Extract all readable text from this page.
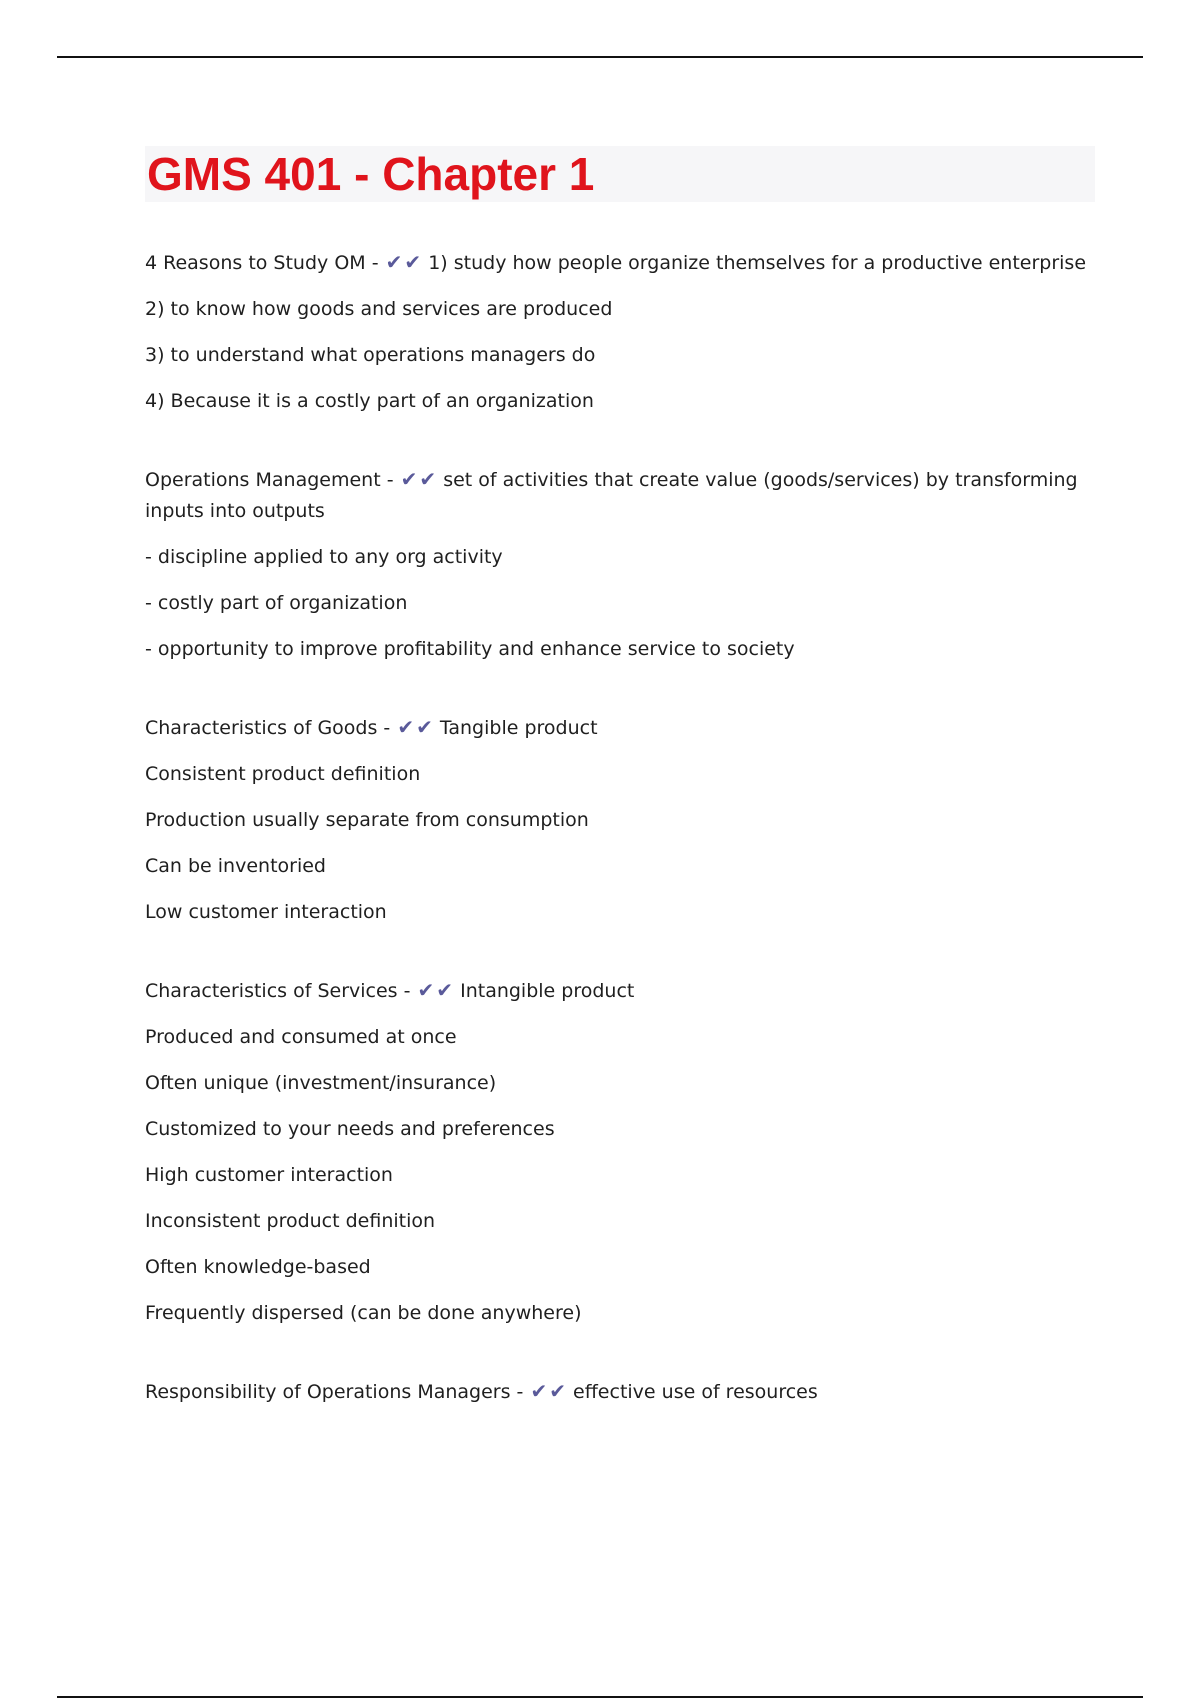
GMS 401 - Chapter 1

4 Reasons to Study OM - ✔ ✔ 1) study how people organize themselves for a productive enterprise

2) to know how goods and services are produced

3) to understand what operations managers do

4) Because it is a costly part of an organization

Operations Management - ✔ ✔ set of activities that create value (goods/services) by transforming inputs into outputs

- discipline applied to any org activity

- costly part of organization

- opportunity to improve profitability and enhance service to society

Characteristics of Goods - ✔ ✔ Tangible product

Consistent product definition

Production usually separate from consumption

Can be inventoried

Low customer interaction

Characteristics of Services - ✔ ✔ Intangible product

Produced and consumed at once

Often unique (investment/insurance)

Customized to your needs and preferences

High customer interaction

Inconsistent product definition

Often knowledge-based

Frequently dispersed (can be done anywhere)

Responsibility of Operations Managers - ✔ ✔ effective use of resources
